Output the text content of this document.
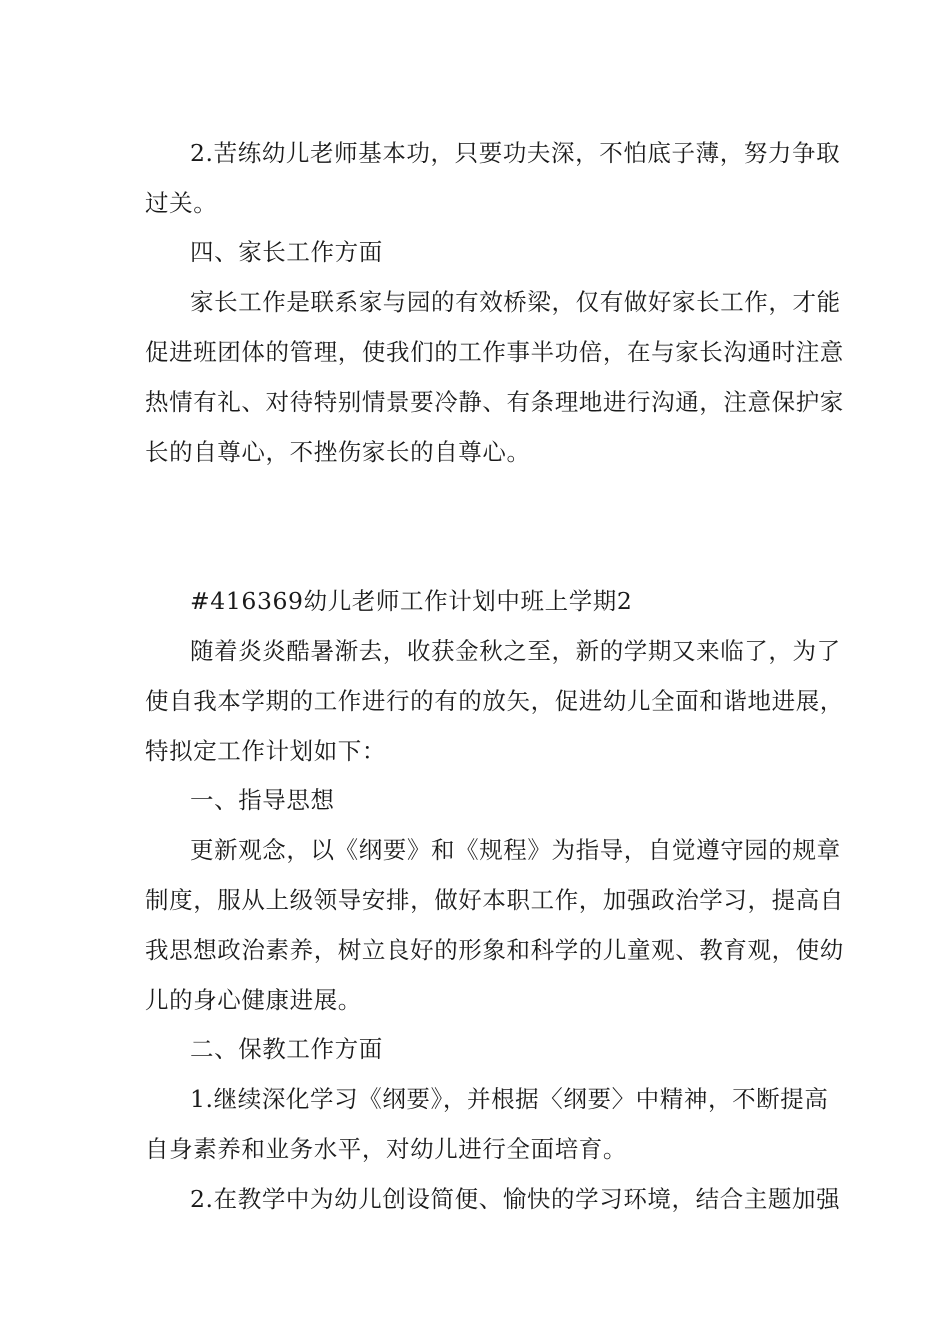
2.苦练幼儿老师基本功，只要功夫深，不怕底子薄，努力争取
过关。
四、家长工作方面
家长工作是联系家与园的有效桥梁，仅有做好家长工作，才能
促进班团体的管理，使我们的工作事半功倍，在与家长沟通时注意
热情有礼、对待特别情景要冷静、有条理地进行沟通，注意保护家
长的自尊心，不挫伤家长的自尊心。
#416369幼儿老师工作计划中班上学期2
随着炎炎酷暑渐去，收获金秋之至，新的学期又来临了，为了
使自我本学期的工作进行的有的放矢，促进幼儿全面和谐地进展，
特拟定工作计划如下：
一、指导思想
更新观念，以《纲要》和《规程》为指导，自觉遵守园的规章
制度，服从上级领导安排，做好本职工作，加强政治学习，提高自
我思想政治素养，树立良好的形象和科学的儿童观、教育观，使幼
儿的身心健康进展。
二、保教工作方面
1.继续深化学习《纲要》，并根据〈纲要〉中精神，不断提高
自身素养和业务水平，对幼儿进行全面培育。
2.在教学中为幼儿创设简便、愉快的学习环境，结合主题加强
